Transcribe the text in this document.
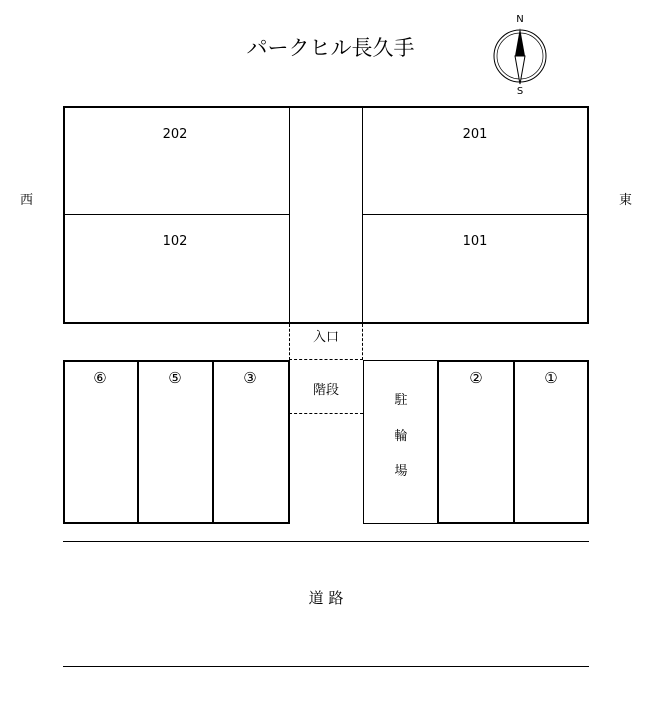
パークヒル長久手
N
S
西	東
202	201
102	101
入口
階段
⑥	⑤	③
駐
輪
場
②	①
道 路
